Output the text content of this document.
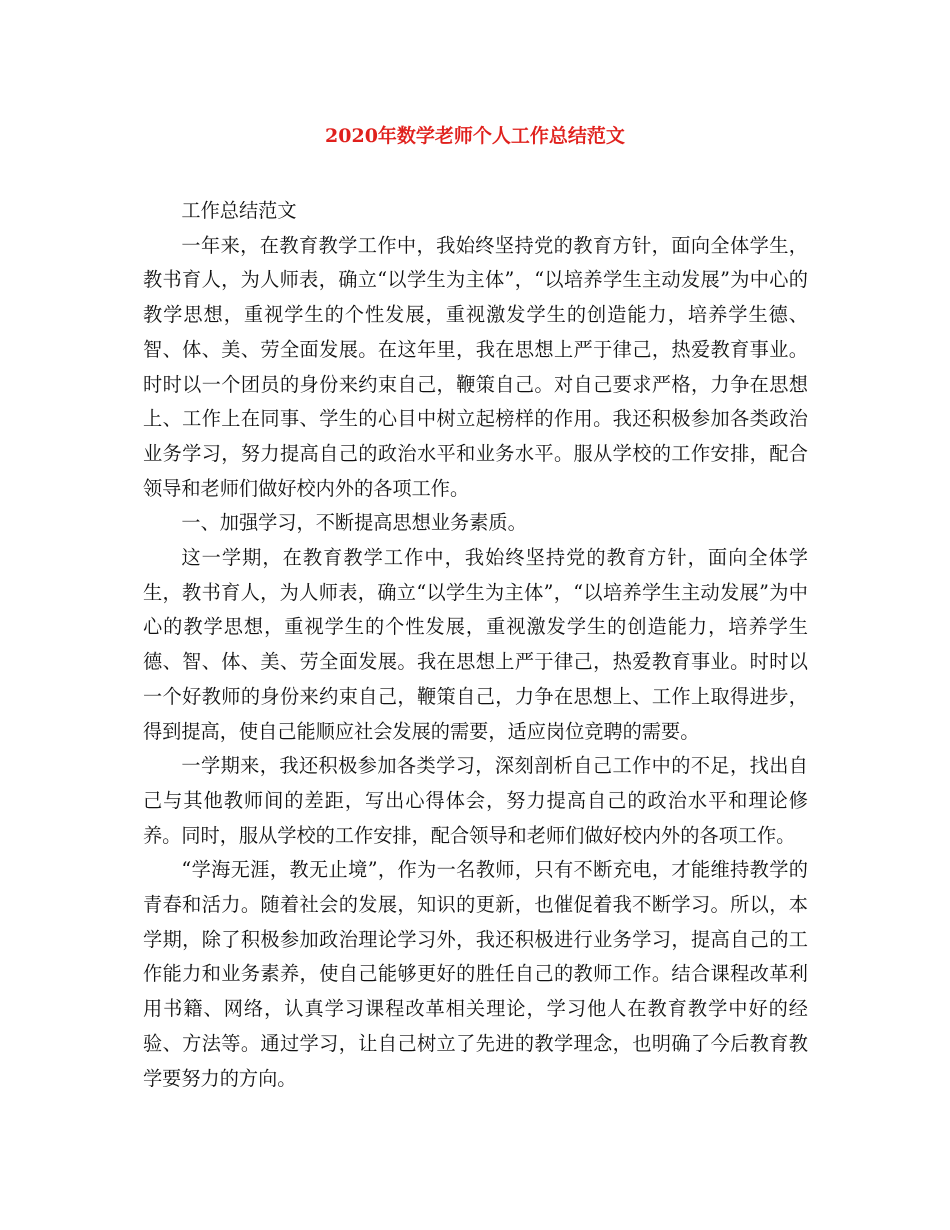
2020年数学老师个人工作总结范文

工作总结范文

一年来，在教育教学工作中，我始终坚持党的教育方针，面向全体学生，教书育人，为人师表，确立“以学生为主体”，“以培养学生主动发展”为中心的教学思想，重视学生的个性发展，重视激发学生的创造能力，培养学生德、智、体、美、劳全面发展。在这年里，我在思想上严于律己，热爱教育事业。时时以一个团员的身份来约束自己，鞭策自己。对自己要求严格，力争在思想上、工作上在同事、学生的心目中树立起榜样的作用。我还积极参加各类政治业务学习，努力提高自己的政治水平和业务水平。服从学校的工作安排，配合领导和老师们做好校内外的各项工作。

一、加强学习，不断提高思想业务素质。

这一学期，在教育教学工作中，我始终坚持党的教育方针，面向全体学生，教书育人，为人师表，确立“以学生为主体”，“以培养学生主动发展”为中心的教学思想，重视学生的个性发展，重视激发学生的创造能力，培养学生德、智、体、美、劳全面发展。我在思想上严于律己，热爱教育事业。时时以一个好教师的身份来约束自己，鞭策自己，力争在思想上、工作上取得进步，得到提高，使自己能顺应社会发展的需要，适应岗位竞聘的需要。

一学期来，我还积极参加各类学习，深刻剖析自己工作中的不足，找出自己与其他教师间的差距，写出心得体会，努力提高自己的政治水平和理论修养。同时，服从学校的工作安排，配合领导和老师们做好校内外的各项工作。

“学海无涯，教无止境”，作为一名教师，只有不断充电，才能维持教学的青春和活力。随着社会的发展，知识的更新，也催促着我不断学习。所以，本学期，除了积极参加政治理论学习外，我还积极进行业务学习，提高自己的工作能力和业务素养，使自己能够更好的胜任自己的教师工作。结合课程改革利用书籍、网络，认真学习课程改革相关理论，学习他人在教育教学中好的经验、方法等。通过学习，让自己树立了先进的教学理念，也明确了今后教育教学要努力的方向。
